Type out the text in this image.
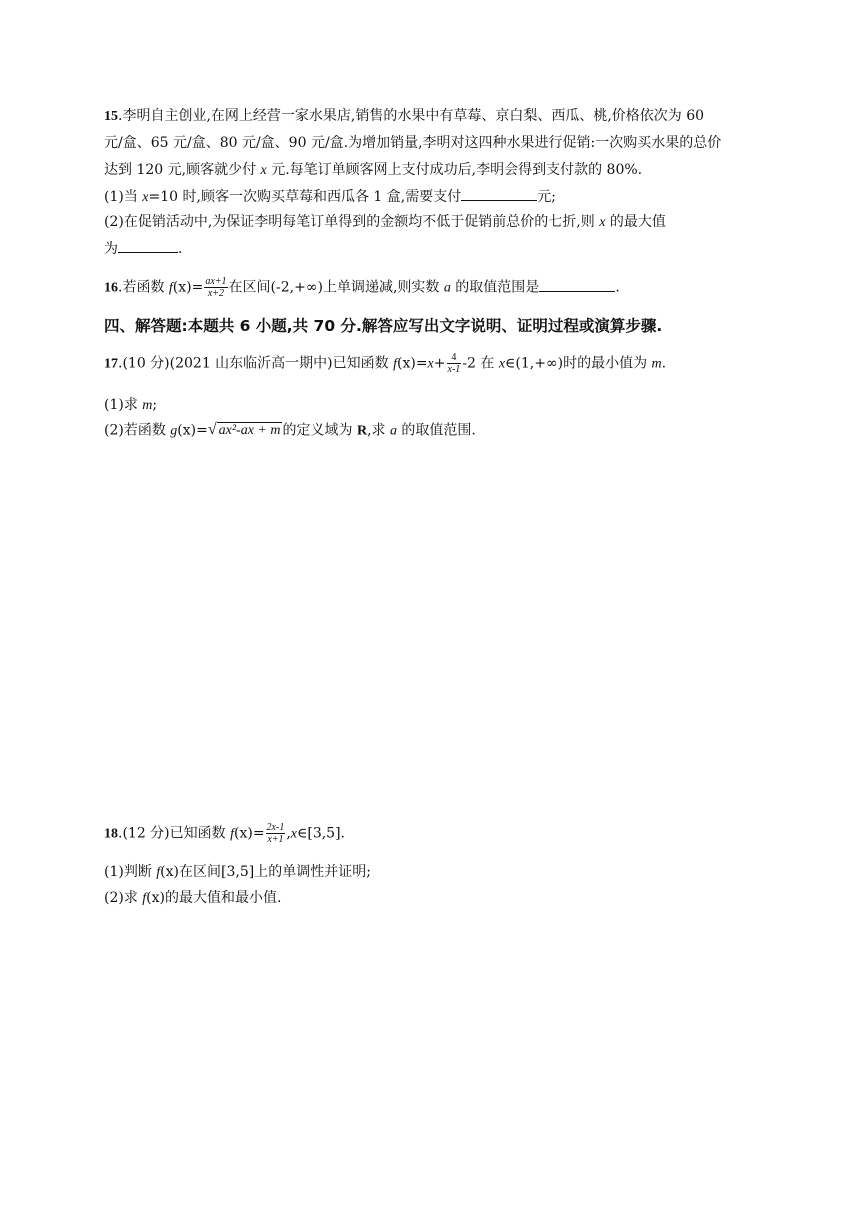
15.李明自主创业,在网上经营一家水果店,销售的水果中有草莓、京白梨、西瓜、桃,价格依次为 60
元/盒、65 元/盒、80 元/盒、90 元/盒.为增加销量,李明对这四种水果进行促销:一次购买水果的总价
达到 120 元,顾客就少付 x 元.每笔订单顾客网上支付成功后,李明会得到支付款的 80%.
(1)当 x=10 时,顾客一次购买草莓和西瓜各 1 盒,需要支付	元;
(2)在促销活动中,为保证李明每笔订单得到的金额均不低于促销前总价的七折,则 x 的最大值
为	.
16.若函数 $f(x)= \frac{ax+1}{x+2}$ 在区间(-2,+∞)上单调递减,则实数 a 的取值范围是	.
四、解答题:本题共 6 小题,共 70 分.解答应写出文字说明、证明过程或演算步骤.
17.(10 分)(2021 山东临沂高一期中)已知函数 $f(x)=x+ \frac{4}{x-1} -2$ 在 x∈(1,+∞)时的最小值为 m.
(1)求 m;
(2)若函数 g(x)=√ ax²-ax + m 的定义域为 R,求 a 的取值范围.
18.(12 分)已知函数 $f(x)= \frac{2x-1}{x+1}$ ,x∈[3,5].
(1)判断 f(x)在区间[3,5]上的单调性并证明;
(2)求 f(x)的最大值和最小值.
